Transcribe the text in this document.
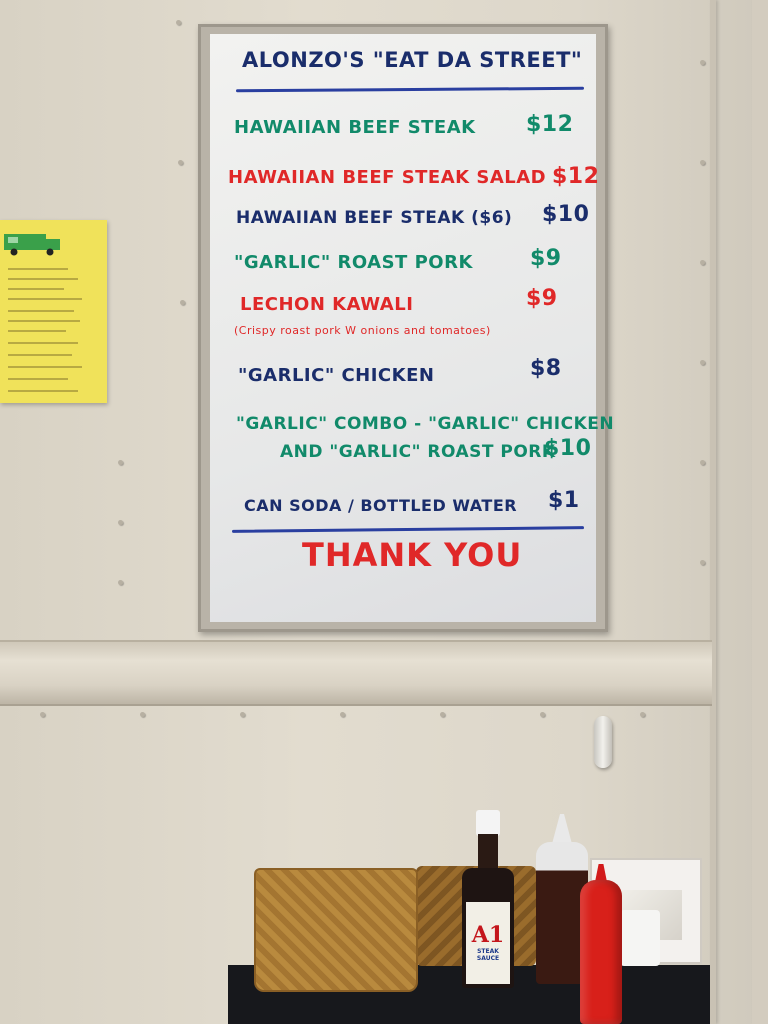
ALONZO'S "EAT DA STREET"
HAWAIIAN BEEF STEAK $12
HAWAIIAN BEEF STEAK SALAD $12
HAWAIIAN BEEF STEAK ($6) $10
"GARLIC" ROAST PORK	$9
LECHON KAWALI	$9
(Crispy roast pork W onions and tomatoes)
"GARLIC" CHICKEN	$8
"GARLIC" COMBO - "GARLIC" CHICKEN
AND "GARLIC" ROAST PORK
$10
CAN SODA / BOTTLED WATER $1
THANK YOU
A1
STEAK SAUCE
